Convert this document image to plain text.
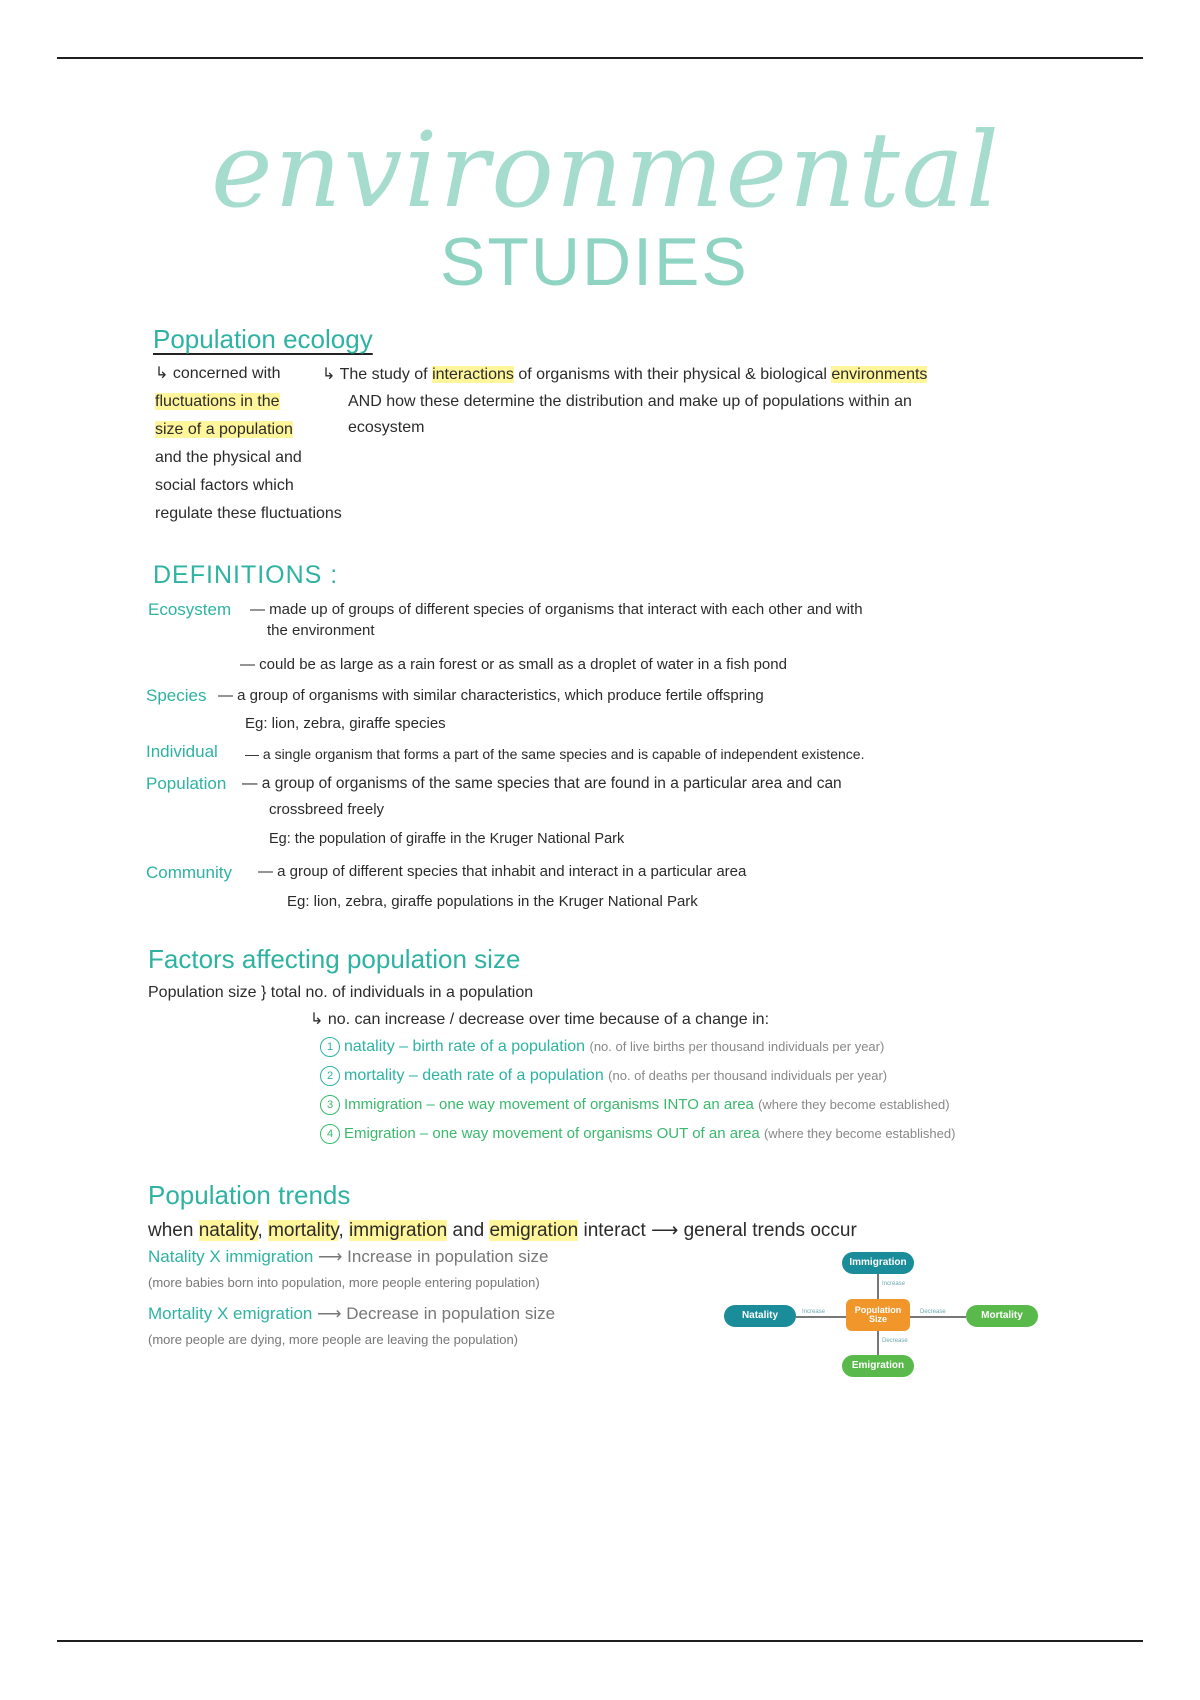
environmental
STUDIES
Population ecology
↳ concerned with
fluctuations in the
size of a population
and the physical and
social factors which
regulate these fluctuations
↳ The study of interactions of organisms with their physical & biological environments
AND how these determine the distribution and make up of populations within an
ecosystem
DEFINITIONS :
Ecosystem — made up of groups of different species of organisms that interact with each other and with
the environment
— could be as large as a rain forest or as small as a droplet of water in a fish pond
Species — a group of organisms with similar characteristics, which produce fertile offspring
Eg: lion, zebra, giraffe species
Individual — a single organism that forms a part of the same species and is capable of independent existence.
Population — a group of organisms of the same species that are found in a particular area and can
crossbreed freely
Eg: the population of giraffe in the Kruger National Park
Community — a group of different species that inhabit and interact in a particular area
Eg: lion, zebra, giraffe populations in the Kruger National Park
Factors affecting population size
Population size } total no. of individuals in a population
↳ no. can increase / decrease over time because of a change in:
1 natality – birth rate of a population (no. of live births per thousand individuals per year)
2 mortality – death rate of a population (no. of deaths per thousand individuals per year)
3 Immigration – one way movement of organisms INTO an area (where they become established)
4 Emigration – one way movement of organisms OUT of an area (where they become established)
Population trends
when natality, mortality, immigration and emigration interact ⟶ general trends occur
Natality X immigration ⟶ Increase in population size
(more babies born into population, more people entering population)
Mortality X emigration ⟶ Decrease in population size
(more people are dying, more people are leaving the population)
Increase
Increase	Decrease
Decrease
Immigration
Natality	Population Size	Mortality
Emigration
